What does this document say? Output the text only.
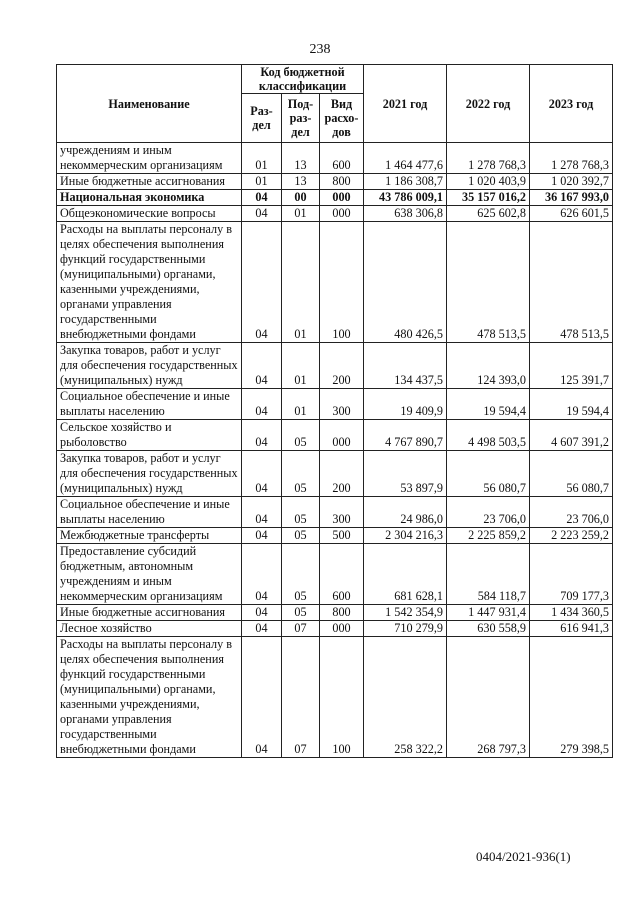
238
Наименование	Код бюджетной классификации			2021 год	2022 год	2023 год
	Раз-дел	Под-раз-дел	Вид расхо-дов			
учреждениям и иным некоммерческим организациям	01	13	600	1 464 477,6	1 278 768,3	1 278 768,3
Иные бюджетные ассигнования	01	13	800	1 186 308,7	1 020 403,9	1 020 392,7
Национальная экономика	04	00	000	43 786 009,1	35 157 016,2	36 167 993,0
Общеэкономические вопросы	04	01	000	638 306,8	625 602,8	626 601,5
Расходы на выплаты персоналу в целях обеспечения выполнения функций государственными (муниципальными) органами, казенными учреждениями, органами управления государственными внебюджетными фондами	04	01	100	480 426,5	478 513,5	478 513,5
Закупка товаров, работ и услуг для обеспечения государственных (муниципальных) нужд	04	01	200	134 437,5	124 393,0	125 391,7
Социальное обеспечение и иные выплаты населению	04	01	300	19 409,9	19 594,4	19 594,4
Сельское хозяйство и рыболовство	04	05	000	4 767 890,7	4 498 503,5	4 607 391,2
Закупка товаров, работ и услуг для обеспечения государственных (муниципальных) нужд	04	05	200	53 897,9	56 080,7	56 080,7
Социальное обеспечение и иные выплаты населению	04	05	300	24 986,0	23 706,0	23 706,0
Межбюджетные трансферты	04	05	500	2 304 216,3	2 225 859,2	2 223 259,2
Предоставление субсидий бюджетным, автономным учреждениям и иным некоммерческим организациям	04	05	600	681 628,1	584 118,7	709 177,3
Иные бюджетные ассигнования	04	05	800	1 542 354,9	1 447 931,4	1 434 360,5
Лесное хозяйство	04	07	000	710 279,9	630 558,9	616 941,3
Расходы на выплаты персоналу в целях обеспечения выполнения функций государственными (муниципальными) органами, казенными учреждениями, органами управления государственными внебюджетными фондами	04	07	100	258 322,2	268 797,3	279 398,5
0404/2021-936(1)
